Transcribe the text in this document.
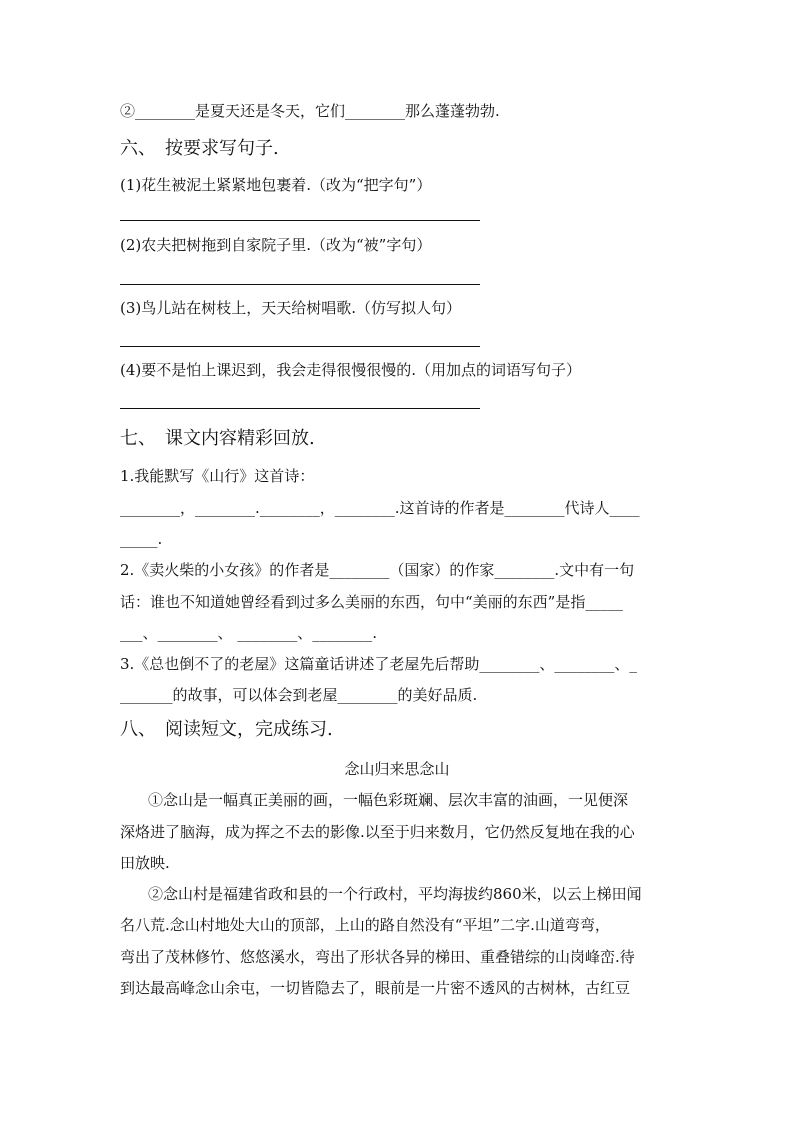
②________是夏天还是冬天，它们________那么蓬蓬勃勃.
六、　按要求写句子.
(1)花生被泥土紧紧地包裹着.（改为“把字句”）
(2)农夫把树拖到自家院子里.（改为“被”字句）
(3)鸟儿站在树枝上，天天给树唱歌.（仿写拟人句）
(4)要不是怕上课迟到，我会走得很慢很慢的.（用加点的词语写句子）
七、　课文内容精彩回放.
1.我能默写《山行》这首诗：
________，________.________，________.这首诗的作者是________代诗人____
_____.
2.《卖火柴的小女孩》的作者是________（国家）的作家________.文中有一句
话：谁也不知道她曾经看到过多么美丽的东西，句中“美丽的东西”是指_____
___、________、 ________、________.
3.《总也倒不了的老屋》这篇童话讲述了老屋先后帮助________、________、_
_______的故事，可以体会到老屋________的美好品质.
八、　阅读短文，完成练习.
念山归来思念山
①念山是一幅真正美丽的画，一幅色彩斑斓、层次丰富的油画，一见便深
深烙进了脑海，成为挥之不去的影像.以至于归来数月，它仍然反复地在我的心
田放映.
②念山村是福建省政和县的一个行政村，平均海拔约860米，以云上梯田闻
名八荒.念山村地处大山的顶部，上山的路自然没有“平坦”二字.山道弯弯，
弯出了茂林修竹、悠悠溪水，弯出了形状各异的梯田、重叠错综的山岗峰峦.待
到达最高峰念山余屯，一切皆隐去了，眼前是一片密不透风的古树林，古红豆
